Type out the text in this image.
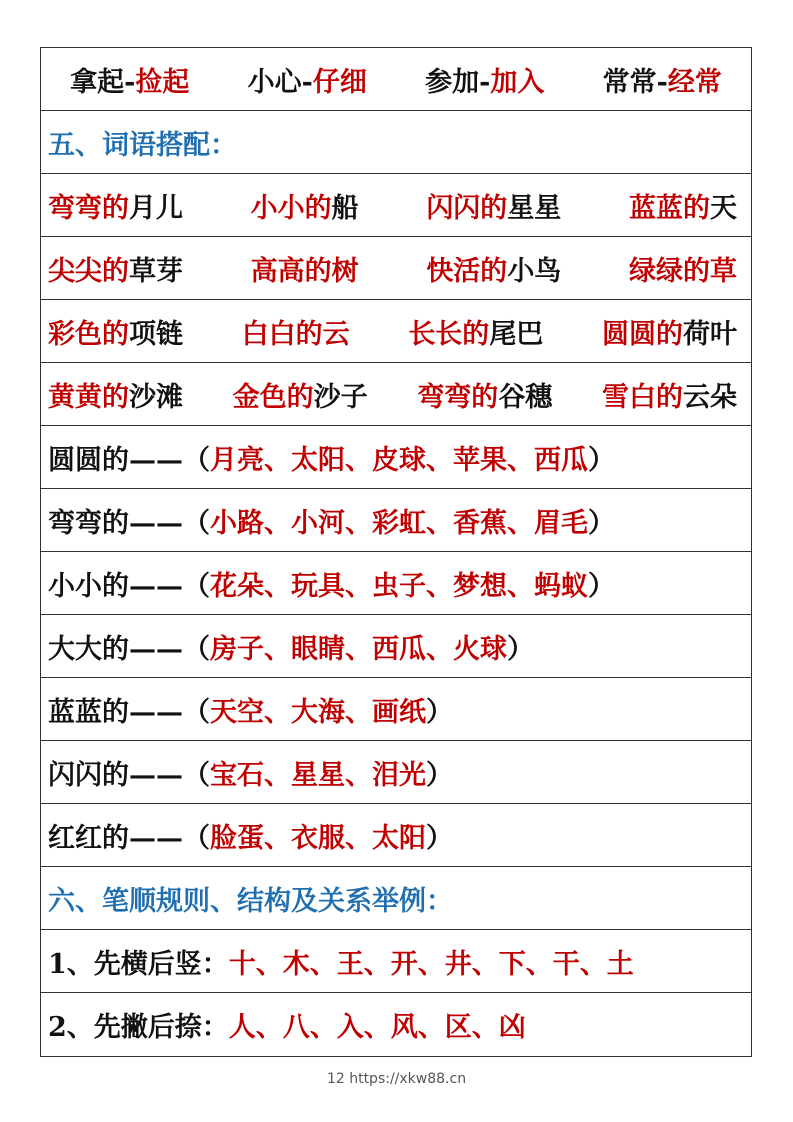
拿起-捡起 小心-仔细 参加-加入 常常-经常
五、词语搭配：
弯弯的月儿	小小的船	闪闪的星星	蓝蓝的天
尖尖的草芽	高高的树	快活的小鸟	绿绿的草
彩色的项链 白白的云 长长的尾巴 圆圆的荷叶
黄黄的沙滩 金色的沙子 弯弯的谷穗 雪白的云朵
圆圆的——（ 月亮、太阳、皮球、苹果、西瓜 ）
弯弯的——（ 小路、小河、彩虹、香蕉、眉毛 ）
小小的——（ 花朵、玩具、虫子、梦想、蚂蚁 ）
大大的——（ 房子、眼睛、西瓜、火球 ）
蓝蓝的——（ 天空、大海、画纸 ）
闪闪的——（ 宝石、星星、泪光 ）
红红的——（ 脸蛋、衣服、太阳 ）
六、笔顺规则、结构及关系举例：
1、先横后竖： 十、木、王、开、井、下、干、土
2、先撇后捺： 人、八、入、风、区、凶
12 https://xkw88.cn
